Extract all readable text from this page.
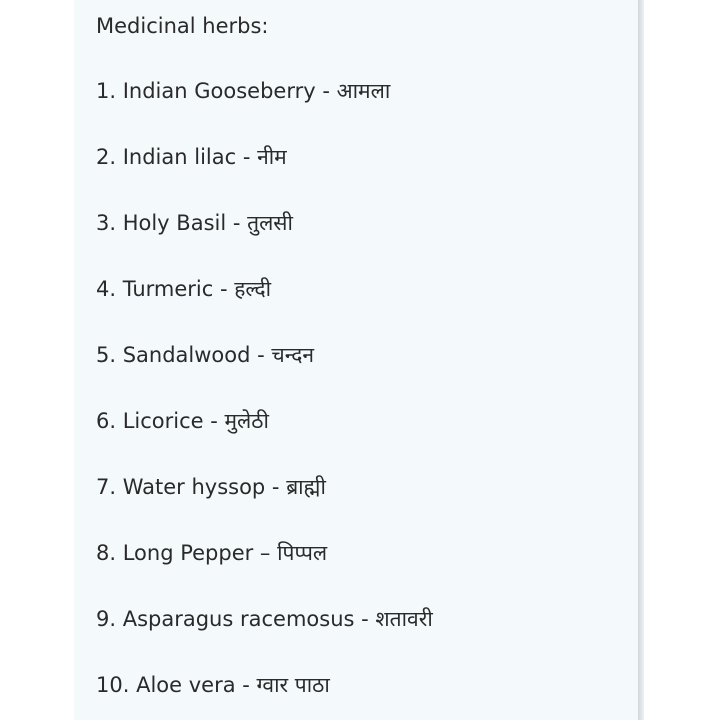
Medicinal herbs:
1. Indian Gooseberry - आमला
2. Indian lilac - नीम
3. Holy Basil - तुलसी
4. Turmeric - हल्दी
5. Sandalwood - चन्दन
6. Licorice - मुलेठी
7. Water hyssop - ब्राह्मी
8. Long Pepper – पिप्पल
9. Asparagus racemosus - शतावरी
10. Aloe vera - ग्वार पाठा
